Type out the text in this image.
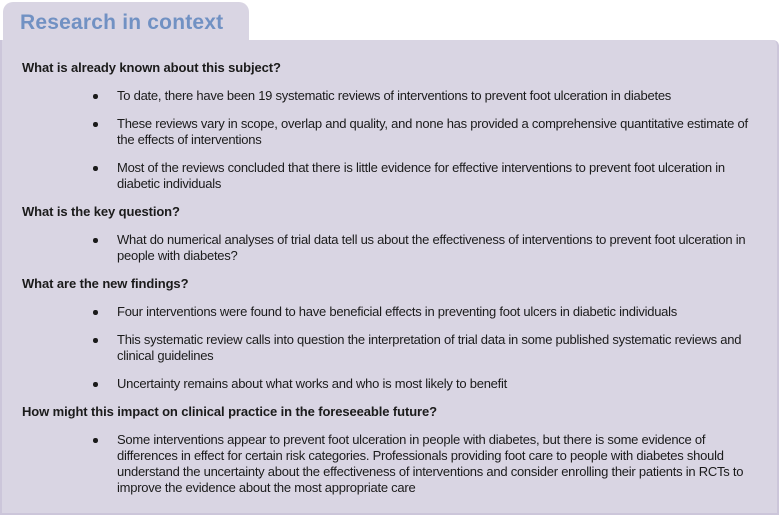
Research in context
What is already known about this subject?
To date, there have been 19 systematic reviews of interventions to prevent foot ulceration in diabetes
These reviews vary in scope, overlap and quality, and none has provided a comprehensive quantitative estimate of the effects of interventions
Most of the reviews concluded that there is little evidence for effective interventions to prevent foot ulceration in diabetic individuals
What is the key question?
What do numerical analyses of trial data tell us about the effectiveness of interventions to prevent foot ulceration in people with diabetes?
What are the new findings?
Four interventions were found to have beneficial effects in preventing foot ulcers in diabetic individuals
This systematic review calls into question the interpretation of trial data in some published systematic reviews and clinical guidelines
Uncertainty remains about what works and who is most likely to benefit
How might this impact on clinical practice in the foreseeable future?
Some interventions appear to prevent foot ulceration in people with diabetes, but there is some evidence of differences in effect for certain risk categories. Professionals providing foot care to people with diabetes should understand the uncertainty about the effectiveness of interventions and consider enrolling their patients in RCTs to improve the evidence about the most appropriate care
